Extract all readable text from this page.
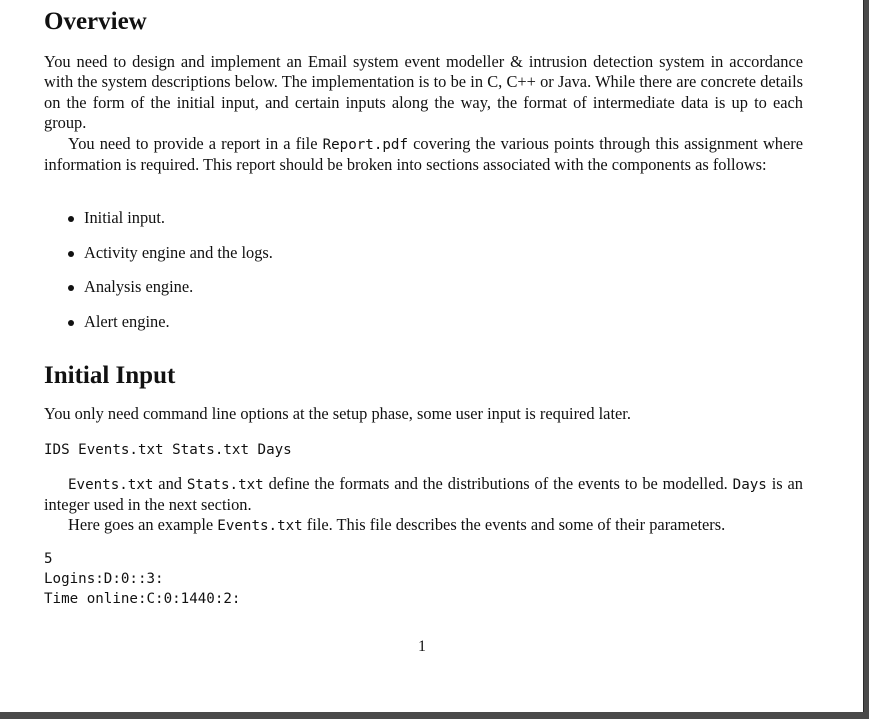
Overview

You need to design and implement an Email system event modeller & intrusion detection system in accordance with the system descriptions below. The implementation is to be in C, C++ or Java. While there are concrete details on the form of the initial input, and certain inputs along the way, the format of intermediate data is up to each group.

You need to provide a report in a file Report.pdf covering the various points through this assignment where information is required. This report should be broken into sections associated with the components as follows:

Initial input.
Activity engine and the logs.
Analysis engine.
Alert engine.
Initial Input

You only need command line options at the setup phase, some user input is required later.

IDS Events.txt Stats.txt Days

Events.txt and Stats.txt define the formats and the distributions of the events to be modelled. Days is an integer used in the next section.

Here goes an example Events.txt file. This file describes the events and some of their parameters.

5
Logins:D:0::3:
Time online:C:0:1440:2:
1
